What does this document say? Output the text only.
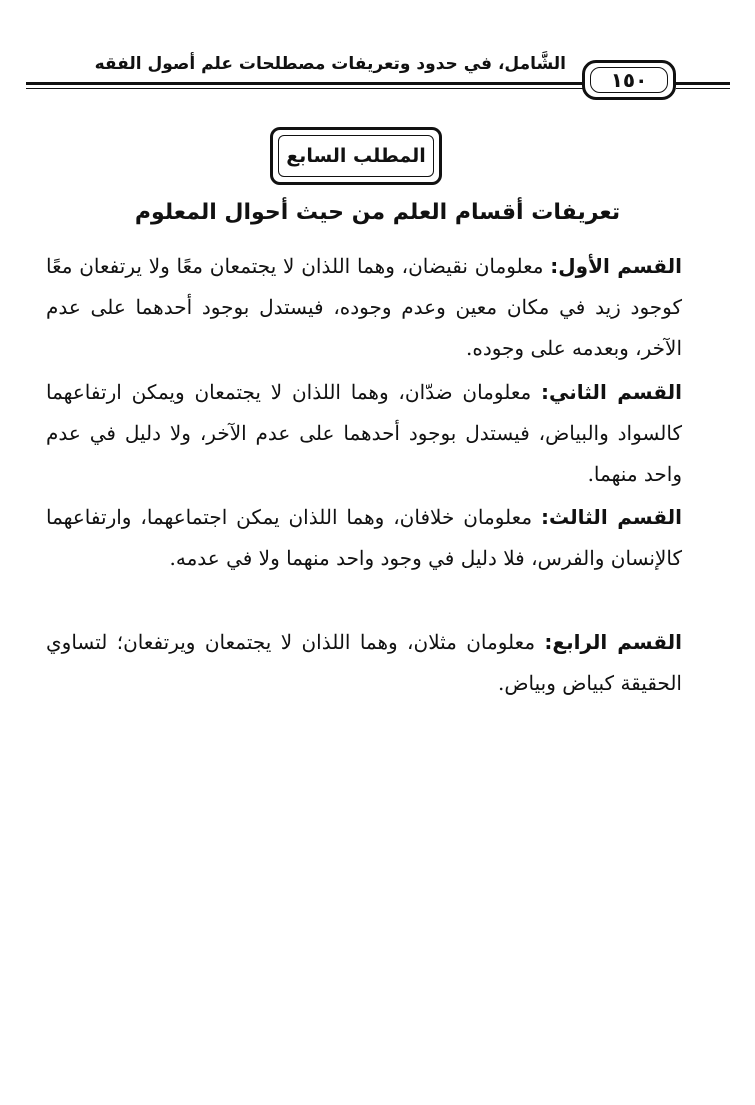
الشَّامل، في حدود وتعريفات مصطلحات علم أصول الفقه
١٥٠
المطلب السابع
تعريفات أقسام العلم من حيث أحوال المعلوم
القسم الأول: معلومان نقيضان، وهما اللذان لا يجتمعان معًا ولا يرتفعان معًا كوجود زيد في مكان معين وعدم وجوده، فيستدل بوجود أحدهما على عدم الآخر، وبعدمه على وجوده.
القسم الثاني: معلومان ضدّان، وهما اللذان لا يجتمعان ويمكن ارتفاعهما كالسواد والبياض، فيستدل بوجود أحدهما على عدم الآخر، ولا دليل في عدم واحد منهما.
القسم الثالث: معلومان خلافان، وهما اللذان يمكن اجتماعهما، وارتفاعهما كالإنسان والفرس، فلا دليل في وجود واحد منهما ولا في عدمه.
القسم الرابع: معلومان مثلان، وهما اللذان لا يجتمعان ويرتفعان؛ لتساوي الحقيقة كبياض وبياض.
